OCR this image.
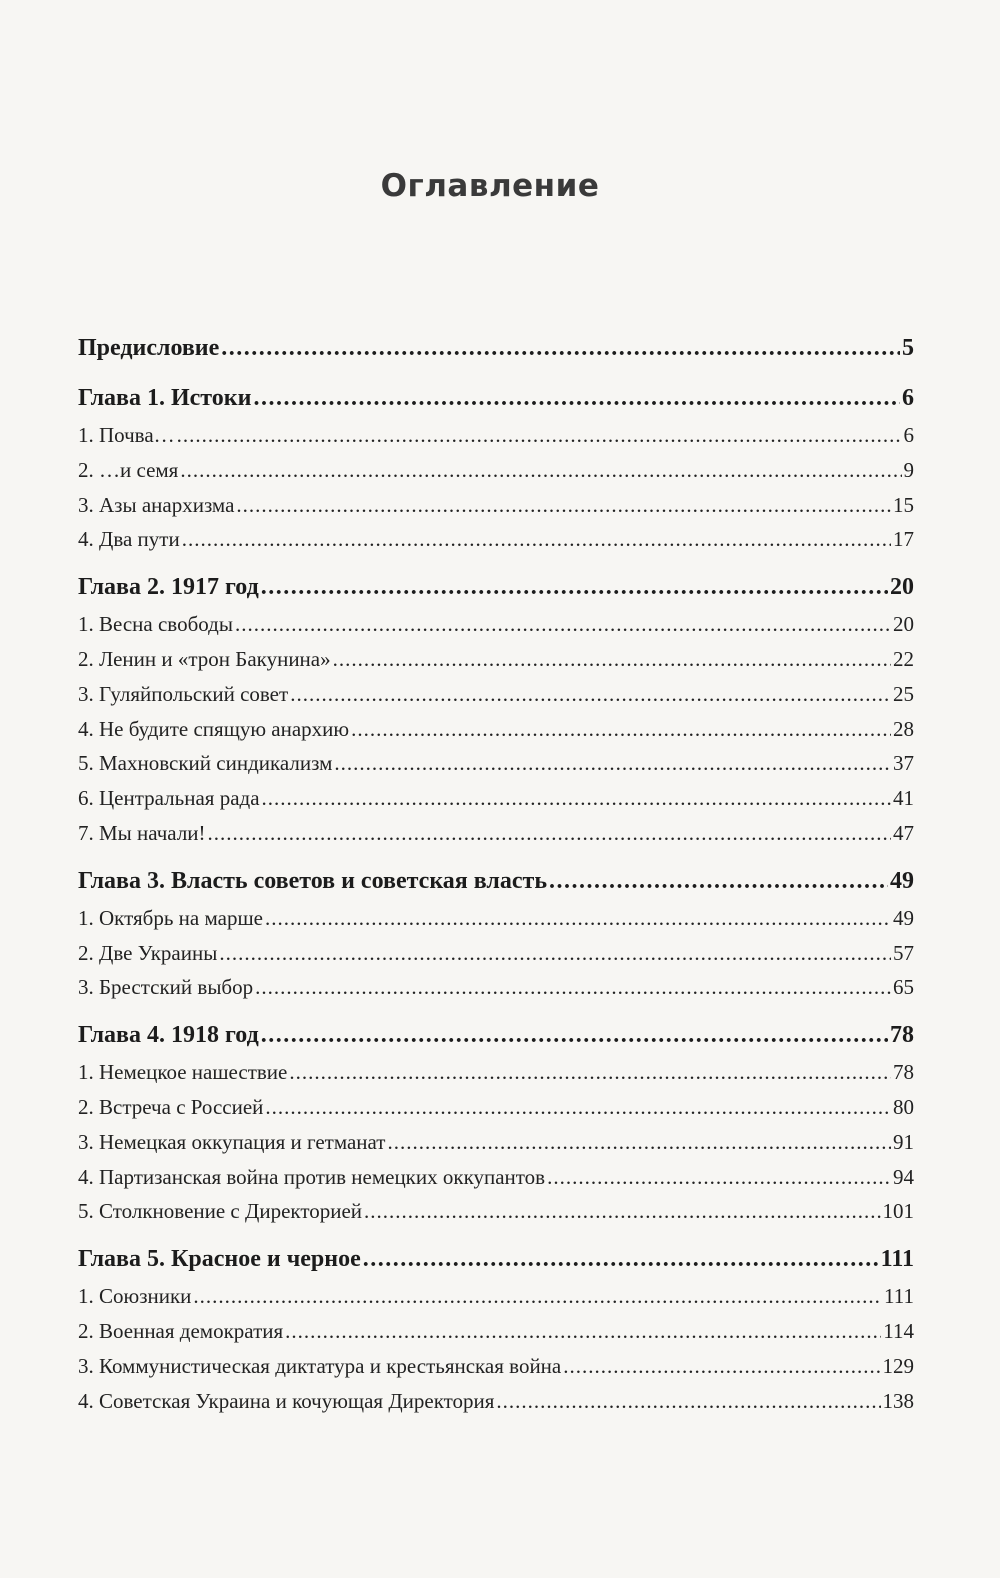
Оглавление
Предисловие .....	5
Глава 1. Истоки .....	6
1. Почва… .....	6
2. …и семя .....	9
3. Азы анархизма .....	15
4. Два пути .....	17
Глава 2. 1917 год .....	20
1. Весна свободы .....	20
2. Ленин и «трон Бакунина» .....	22
3. Гуляйпольский совет .....	25
4. Не будите спящую анархию .....	28
5. Махновский синдикализм .....	37
6. Центральная рада .....	41
7. Мы начали! .....	47
Глава 3. Власть советов и советская власть .....	49
1. Октябрь на марше .....	49
2. Две Украины .....	57
3. Брестский выбор .....	65
Глава 4. 1918 год .....	78
1. Немецкое нашествие .....	78
2. Встреча с Россией .....	80
3. Немецкая оккупация и гетманат .....	91
4. Партизанская война против немецких оккупантов .....	94
5. Столкновение с Директорией .....	101
Глава 5. Красное и черное .....	111
1. Союзники .....	111
2. Военная демократия .....	114
3. Коммунистическая диктатура и крестьянская война .....	129
4. Советская Украина и кочующая Директория .....	138
